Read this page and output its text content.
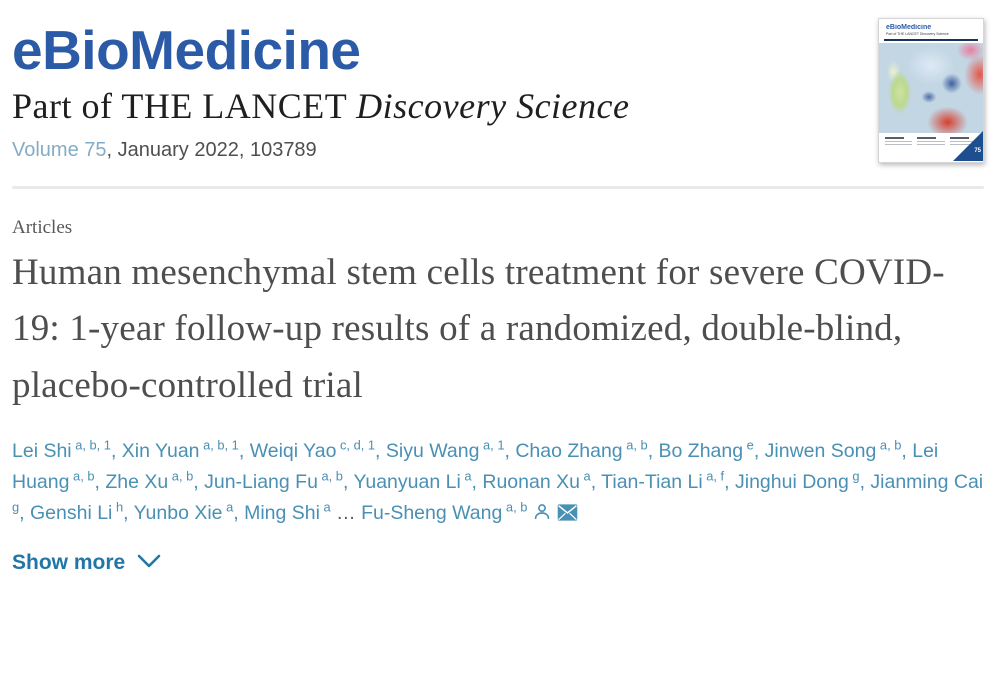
eBioMedicine
Part of THE LANCET Discovery Science
75
eBioMedicine
Part of THE LANCET Discovery Science
Volume 75, January 2022, 103789
Articles
Human mesenchymal stem cells treatment for severe COVID-19: 1-year follow-up results of a randomized, double-blind, placebo-controlled trial

Lei Shi $^{a, b, 1}$, Xin Yuan $^{a, b, 1}$, Weiqi Yao $^{c, d, 1}$, Siyu Wang $^{a, 1}$, Chao Zhang $^{a, b}$, Bo Zhang $^e$, Jinwen Song $^{a, b}$, Lei Huang $^{a, b}$, Zhe Xu $^{a, b}$, Jun-Liang Fu $^{a, b}$, Yuanyuan Li $^a$, Ruonan Xu $^a$, Tian-Tian Li $^{a, f}$, Jinghui Dong $^g$, Jianming Cai $^g$, Genshi Li $^h$, Yunbo Xie $^a$, Ming Shi $^a$ … Fu-Sheng Wang $^{a, b}$

Show more
